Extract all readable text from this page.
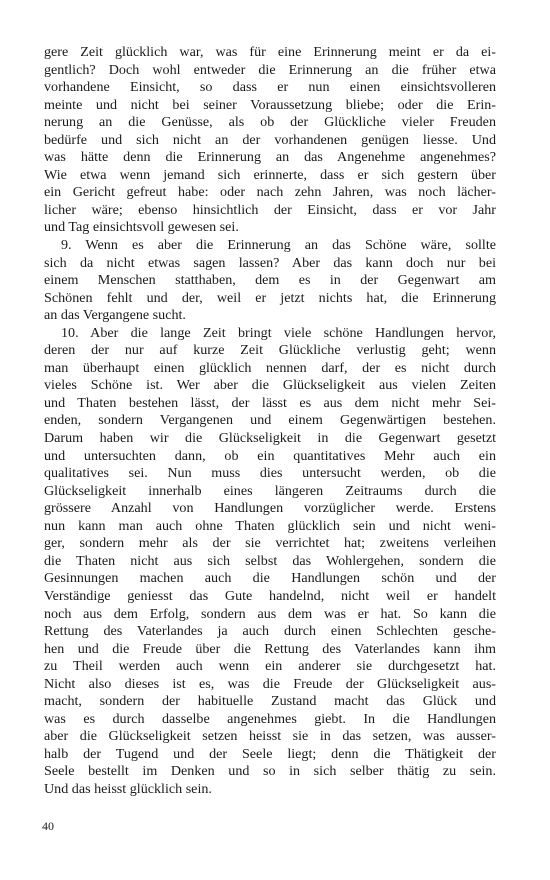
gere Zeit glücklich war, was für eine Erinnerung meint er da ei-
gentlich? Doch wohl entweder die Erinnerung an die früher etwa
vorhandene Einsicht, so dass er nun einen einsichtsvolleren
meinte und nicht bei seiner Voraussetzung bliebe; oder die Erin-
nerung an die Genüsse, als ob der Glückliche vieler Freuden
bedürfe und sich nicht an der vorhandenen genügen liesse. Und
was hätte denn die Erinnerung an das Angenehme angenehmes?
Wie etwa wenn jemand sich erinnerte, dass er sich gestern über
ein Gericht gefreut habe: oder nach zehn Jahren, was noch lächer-
licher wäre; ebenso hinsichtlich der Einsicht, dass er vor Jahr
und Tag einsichtsvoll gewesen sei.
9. Wenn es aber die Erinnerung an das Schöne wäre, sollte
sich da nicht etwas sagen lassen? Aber das kann doch nur bei
einem Menschen statthaben, dem es in der Gegenwart am
Schönen fehlt und der, weil er jetzt nichts hat, die Erinnerung
an das Vergangene sucht.
10. Aber die lange Zeit bringt viele schöne Handlungen hervor,
deren der nur auf kurze Zeit Glückliche verlustig geht; wenn
man überhaupt einen glücklich nennen darf, der es nicht durch
vieles Schöne ist. Wer aber die Glückseligkeit aus vielen Zeiten
und Thaten bestehen lässt, der lässt es aus dem nicht mehr Sei-
enden, sondern Vergangenen und einem Gegenwärtigen bestehen.
Darum haben wir die Glückseligkeit in die Gegenwart gesetzt
und untersuchten dann, ob ein quantitatives Mehr auch ein
qualitatives sei. Nun muss dies untersucht werden, ob die
Glückseligkeit innerhalb eines längeren Zeitraums durch die
grössere Anzahl von Handlungen vorzüglicher werde. Erstens
nun kann man auch ohne Thaten glücklich sein und nicht weni-
ger, sondern mehr als der sie verrichtet hat; zweitens verleihen
die Thaten nicht aus sich selbst das Wohlergehen, sondern die
Gesinnungen machen auch die Handlungen schön und der
Verständige geniesst das Gute handelnd, nicht weil er handelt
noch aus dem Erfolg, sondern aus dem was er hat. So kann die
Rettung des Vaterlandes ja auch durch einen Schlechten gesche-
hen und die Freude über die Rettung des Vaterlandes kann ihm
zu Theil werden auch wenn ein anderer sie durchgesetzt hat.
Nicht also dieses ist es, was die Freude der Glückseligkeit aus-
macht, sondern der habituelle Zustand macht das Glück und
was es durch dasselbe angenehmes giebt. In die Handlungen
aber die Glückseligkeit setzen heisst sie in das setzen, was ausser-
halb der Tugend und der Seele liegt; denn die Thätigkeit der
Seele bestellt im Denken und so in sich selber thätig zu sein.
Und das heisst glücklich sein.
40
